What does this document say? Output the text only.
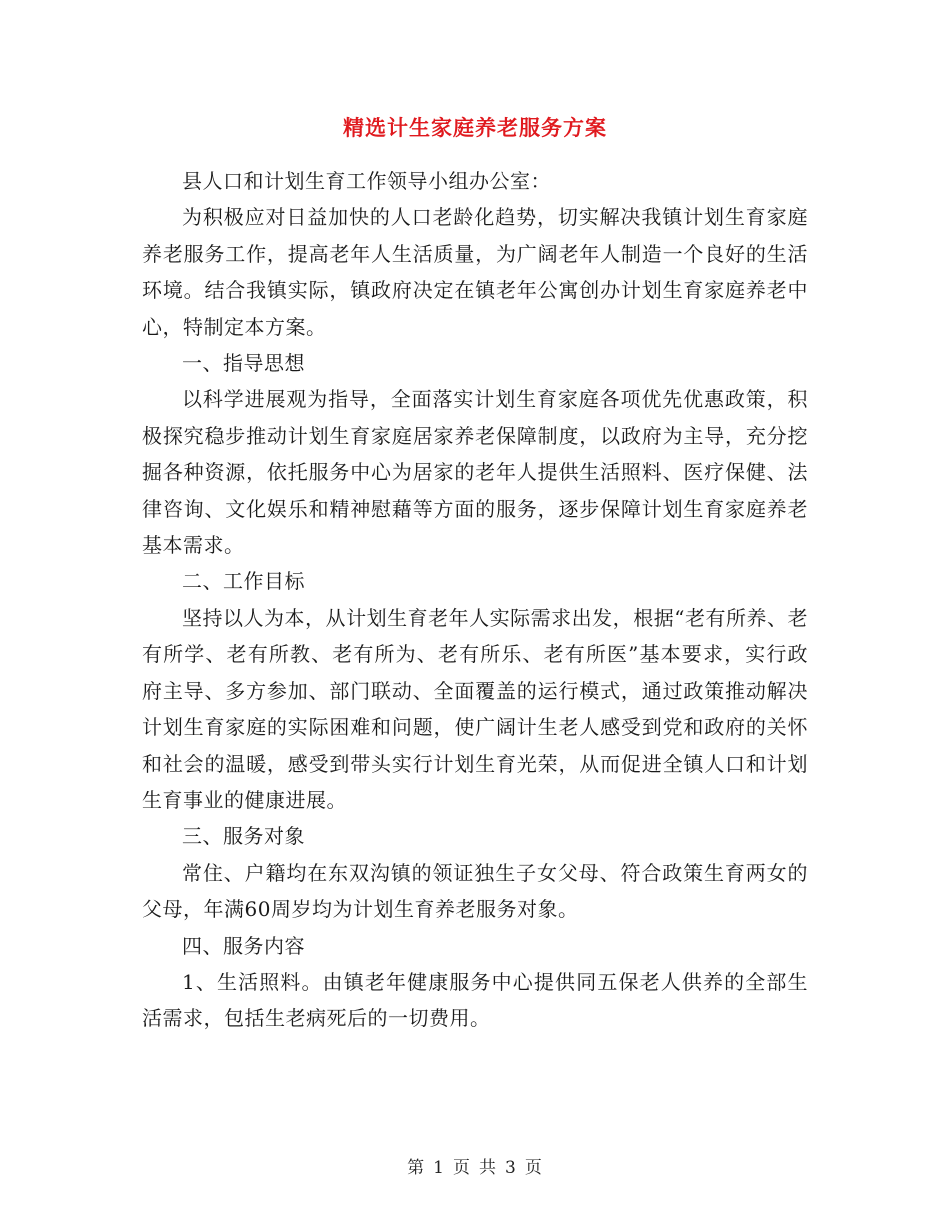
精选计生家庭养老服务方案

县人口和计划生育工作领导小组办公室：

为积极应对日益加快的人口老龄化趋势，切实解决我镇计划生育家庭养老服务工作，提高老年人生活质量，为广阔老年人制造一个良好的生活环境。结合我镇实际，镇政府决定在镇老年公寓创办计划生育家庭养老中心，特制定本方案。

一、指导思想

以科学进展观为指导，全面落实计划生育家庭各项优先优惠政策，积极探究稳步推动计划生育家庭居家养老保障制度，以政府为主导，充分挖掘各种资源，依托服务中心为居家的老年人提供生活照料、医疗保健、法律咨询、文化娱乐和精神慰藉等方面的服务，逐步保障计划生育家庭养老基本需求。

二、工作目标

坚持以人为本，从计划生育老年人实际需求出发，根据“老有所养、老有所学、老有所教、老有所为、老有所乐、老有所医”基本要求，实行政府主导、多方参加、部门联动、全面覆盖的运行模式，通过政策推动解决计划生育家庭的实际困难和问题，使广阔计生老人感受到党和政府的关怀和社会的温暖，感受到带头实行计划生育光荣，从而促进全镇人口和计划生育事业的健康进展。

三、服务对象

常住、户籍均在东双沟镇的领证独生子女父母、符合政策生育两女的父母，年满60周岁均为计划生育养老服务对象。

四、服务内容

1、生活照料。由镇老年健康服务中心提供同五保老人供养的全部生活需求，包括生老病死后的一切费用。

第 1 页 共 3 页
